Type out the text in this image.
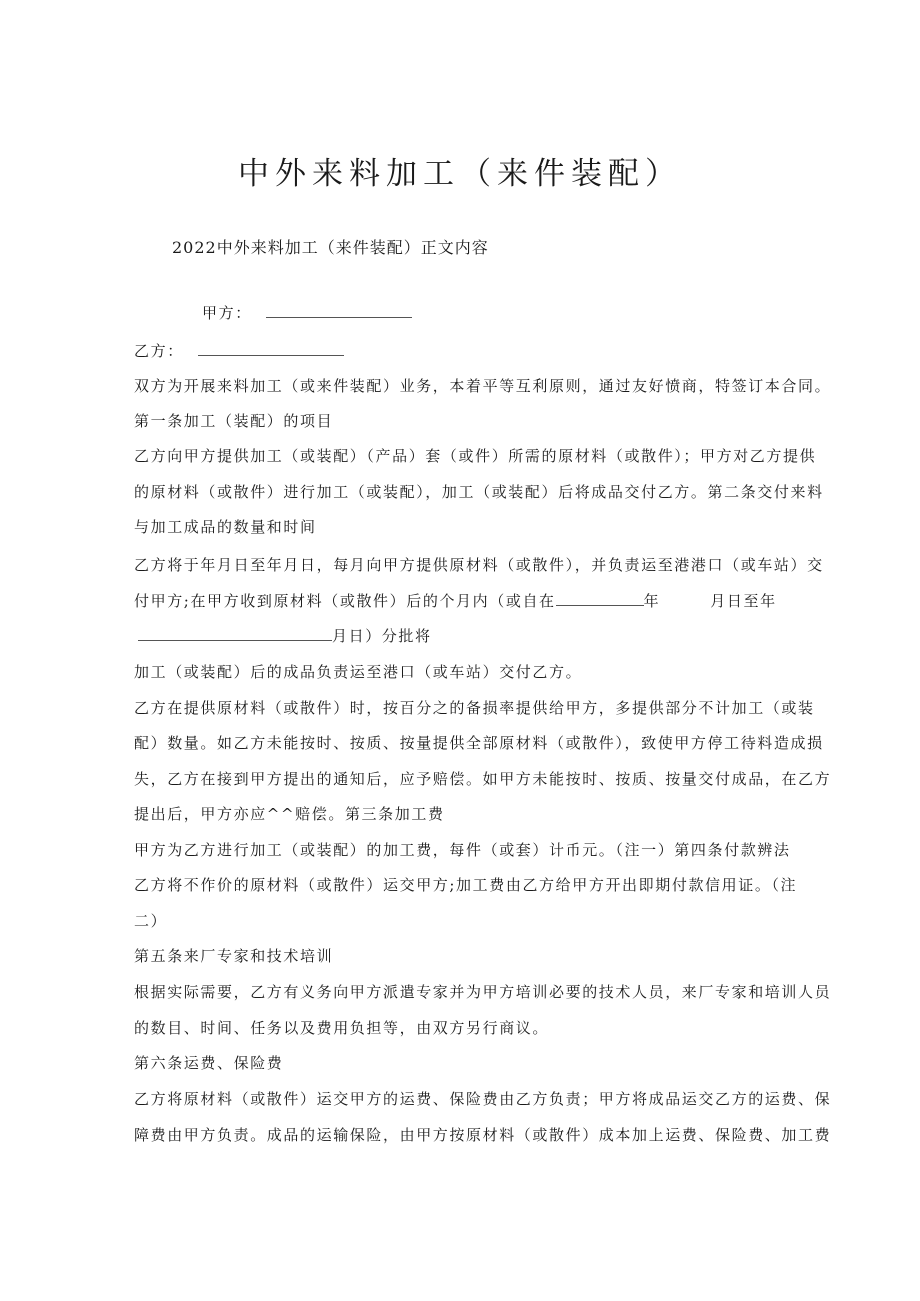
中外来料加工（来件装配）
2022中外来料加工（来件装配）正文内容
甲方：
乙方：
双方为开展来料加工（或来件装配）业务，本着平等互利原则，通过友好愤商，特签订本合同。
第一条加工（装配）的项目
乙方向甲方提供加工（或装配）（产品）套（或件）所需的原材料（或散件）；甲方对乙方提供
的原材料（或散件）进行加工（或装配），加工（或装配）后将成品交付乙方。第二条交付来料
与加工成品的数量和时间
乙方将于年月日至年月日，每月向甲方提供原材料（或散件），并负责运至港港口（或车站）交
付甲方;在甲方收到原材料（或散件）后的个月内（或自在	年	月日至年
月日）分批将
加工（或装配）后的成品负责运至港口（或车站）交付乙方。
乙方在提供原材料（或散件）时，按百分之的备损率提供给甲方，多提供部分不计加工（或装
配）数量。如乙方未能按时、按质、按量提供全部原材料（或散件），致使甲方停工待料造成损
失，乙方在接到甲方提出的通知后，应予赔偿。如甲方未能按时、按质、按量交付成品，在乙方
提出后，甲方亦应^^赔偿。第三条加工费
甲方为乙方进行加工（或装配）的加工费，每件（或套）计币元。（注一）第四条付款辨法
乙方将不作价的原材料（或散件）运交甲方;加工费由乙方给甲方开出即期付款信用证。（注
二）
第五条来厂专家和技术培训
根据实际需要，乙方有义务向甲方派遣专家并为甲方培训必要的技术人员，来厂专家和培训人员
的数目、时间、任务以及费用负担等，由双方另行商议。
第六条运费、保险费
乙方将原材料（或散件）运交甲方的运费、保险费由乙方负责；甲方将成品运交乙方的运费、保
障费由甲方负责。成品的运输保险，由甲方按原材料（或散件）成本加上运费、保险费、加工费
